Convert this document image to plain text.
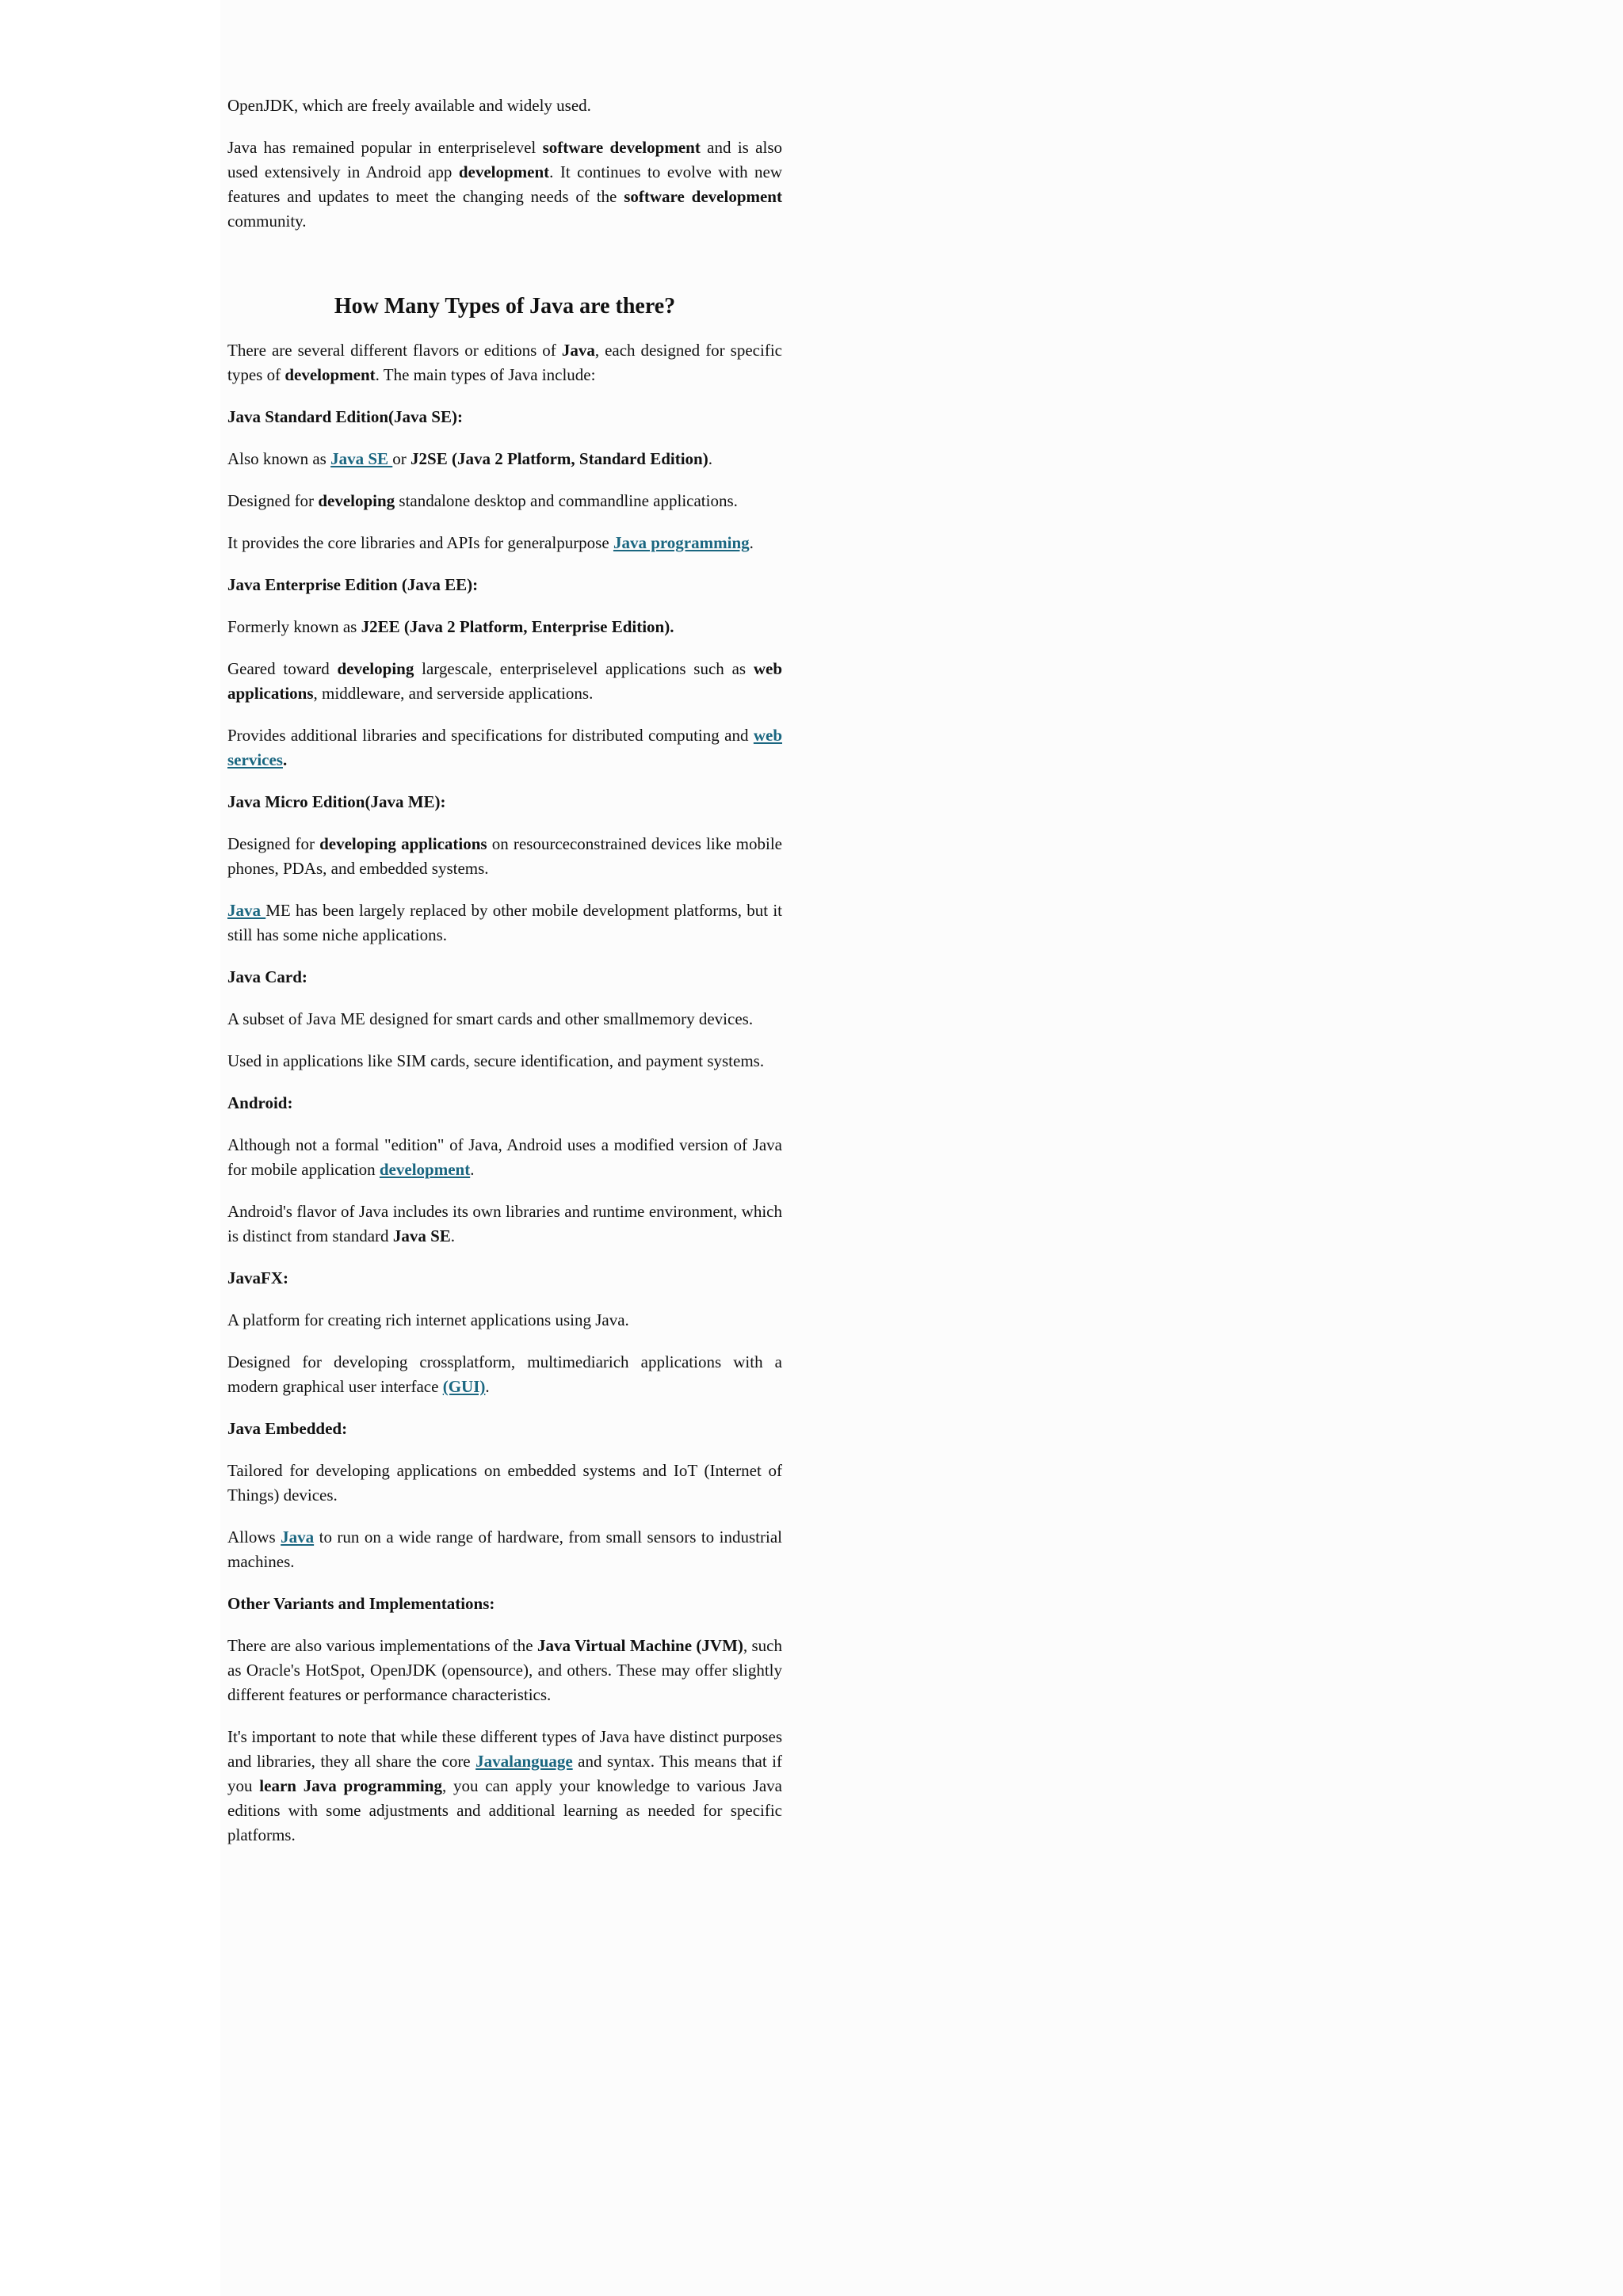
OpenJDK, which are freely available and widely used.

Java has remained popular in enterpriselevel software development and is also used extensively in Android app development. It continues to evolve with new features and updates to meet the changing needs of the software development community.

How Many Types of Java are there?

There are several different flavors or editions of Java, each designed for specific types of development. The main types of Java include:

Java Standard Edition(Java SE):

Also known as Java SE or J2SE (Java 2 Platform, Standard Edition).

Designed for developing standalone desktop and commandline applications.

It provides the core libraries and APIs for generalpurpose Java programming.

Java Enterprise Edition (Java EE):

Formerly known as J2EE (Java 2 Platform, Enterprise Edition).

Geared toward developing largescale, enterpriselevel applications such as web applications, middleware, and serverside applications.

Provides additional libraries and specifications for distributed computing and web services.

Java Micro Edition(Java ME):

Designed for developing applications on resourceconstrained devices like mobile phones, PDAs, and embedded systems.

Java ME has been largely replaced by other mobile development platforms, but it still has some niche applications.

Java Card:

A subset of Java ME designed for smart cards and other smallmemory devices.

Used in applications like SIM cards, secure identification, and payment systems.

Android:

Although not a formal "edition" of Java, Android uses a modified version of Java for mobile application development.

Android's flavor of Java includes its own libraries and runtime environment, which is distinct from standard Java SE.

JavaFX:

A platform for creating rich internet applications using Java.

Designed for developing crossplatform, multimediarich applications with a modern graphical user interface (GUI).

Java Embedded:

Tailored for developing applications on embedded systems and IoT (Internet of Things) devices.

Allows Java to run on a wide range of hardware, from small sensors to industrial machines.

Other Variants and Implementations:

There are also various implementations of the Java Virtual Machine (JVM), such as Oracle's HotSpot, OpenJDK (opensource), and others. These may offer slightly different features or performance characteristics.

It's important to note that while these different types of Java have distinct purposes and libraries, they all share the core Javalanguage and syntax. This means that if you learn Java programming, you can apply your knowledge to various Java editions with some adjustments and additional learning as needed for specific platforms.
